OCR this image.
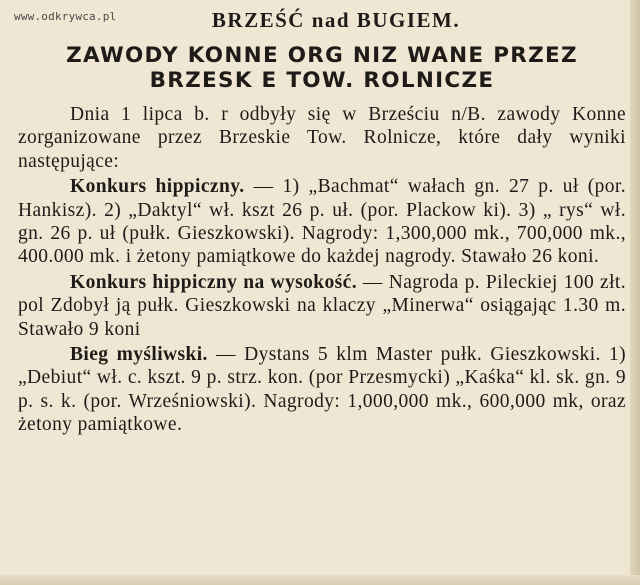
www.odkrywca.pl	BRZEŚĆ nad BUGIEM.
ZAWODY KONNE ORG NIZ WANE PRZEZ
BRZESK E TOW. ROLNICZE

Dnia 1 lipca b. r odbyły się w Brześciu n/B. zawody Konne zorganizowane przez Brzeskie Tow. Rolnicze, które dały wyniki następujące:

Konkurs hippiczny. — 1) „Bachmat“ wałach gn. 27 p. uł (por. Hankisz). 2) „Daktyl“ wł. kszt 26 p. uł. (por. Plackow ki). 3) „ rys“ wł. gn. 26 p. uł (pułk. Gieszkowski). Nagrody: 1,300,000 mk., 700,000 mk., 400.000 mk. i żetony pamiątkowe do każdej nagrody. Stawało 26 koni.

Konkurs hippiczny na wysokość. — Nagroda p. Pileckiej 100 złt. pol Zdobył ją pułk. Gieszkowski na klaczy „Minerwa“ osiągając 1.30 m. Stawało 9 koni

Bieg myśliwski. — Dystans 5 klm Master pułk. Gieszkowski. 1) „Debiut“ wł. c. kszt. 9 p. strz. kon. (por Przesmycki) „Kaśka“ kl. sk. gn. 9 p. s. k. (por. Wrześniowski). Nagrody: 1,000,000 mk., 600,000 mk, oraz żetony pamiątkowe.
